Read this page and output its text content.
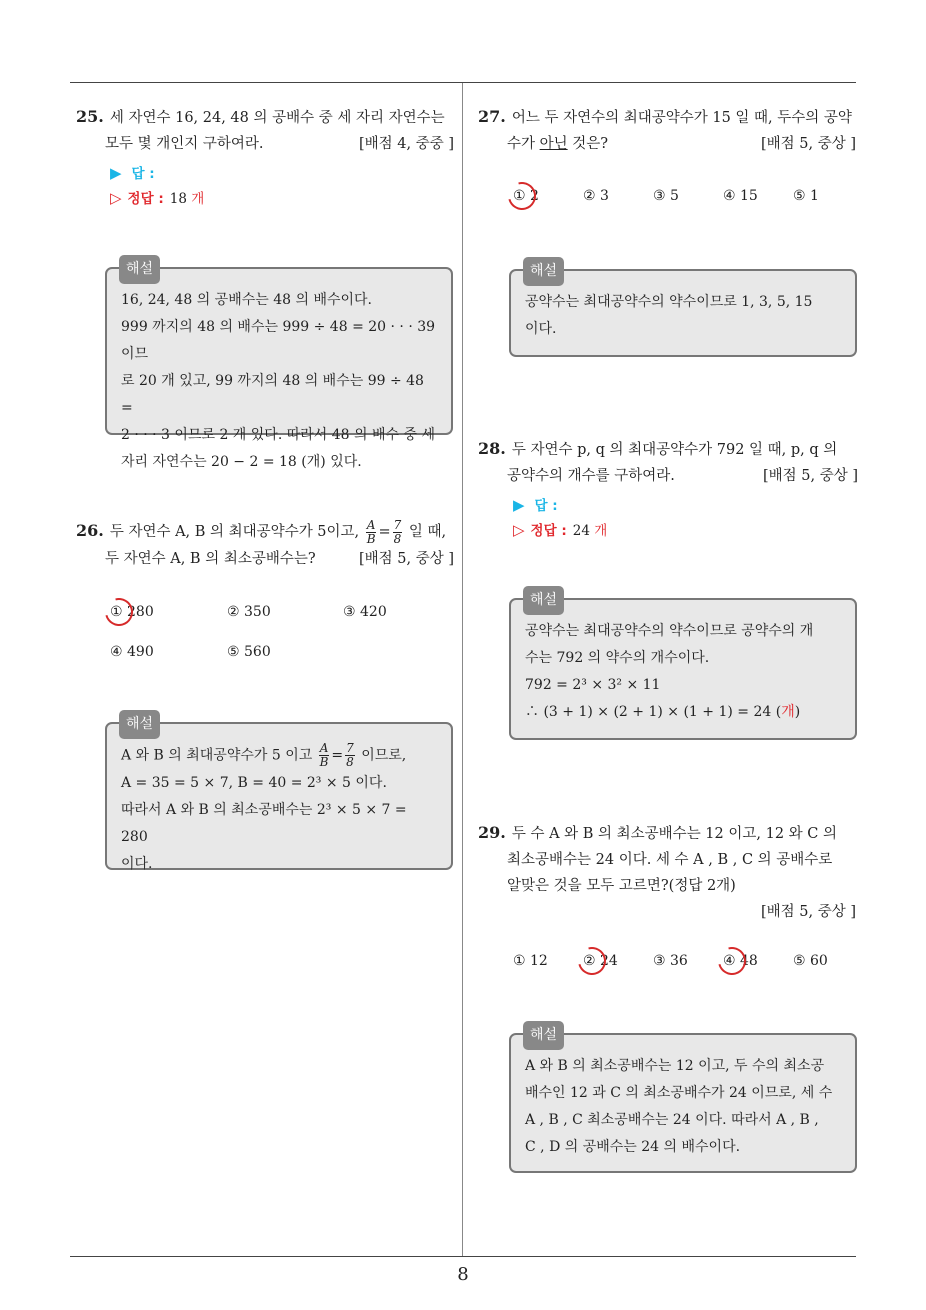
25. 세 자연수 16, 24, 48 의 공배수 중 세 자리 자연수는
모두 몇 개인지 구하여라.	[배점 4, 중중 ]
▶ 답 :
▷ 정답 : 18 개
해설
16, 24, 48 의 공배수는 48 의 배수이다.
999 까지의 48 의 배수는 999 ÷ 48 = 20 · · · 39 이므
로 20 개 있고, 99 까지의 48 의 배수는 99 ÷ 48 =
2 · · · 3 이므로 2 개 있다. 따라서 48 의 배수 중 세
자리 자연수는 20 − 2 = 18 (개) 있다.
26. 두 자연수 A, B 의 최대공약수가 5이고, $\frac{A}{B} = \frac{7}{8}$ 일 때,
두 자연수 A, B 의 최소공배수는?	[배점 5, 중상 ]
① 280	② 350	③ 420
④ 490	⑤ 560
해설
A 와 B 의 최대공약수가 5 이고 $\frac{A}{B} = \frac{7}{8}$ 이므로,
A = 35 = 5 × 7, B = 40 = 2³ × 5 이다.
따라서 A 와 B 의 최소공배수는 2³ × 5 × 7 = 280
이다.
27. 어느 두 자연수의 최대공약수가 15 일 때, 두수의 공약
수가 아닌 것은?	[배점 5, 중상 ]
① 2	② 3	③ 5	④ 15	⑤ 1
해설
공약수는 최대공약수의 약수이므로 1, 3, 5, 15
이다.
28. 두 자연수 p, q 의 최대공약수가 792 일 때, p, q 의
공약수의 개수를 구하여라.	[배점 5, 중상 ]
▶ 답 :
▷ 정답 : 24 개
해설
공약수는 최대공약수의 약수이므로 공약수의 개
수는 792 의 약수의 개수이다.
792 = 2³ × 3² × 11
∴ (3 + 1) × (2 + 1) × (1 + 1) = 24 (개)
29. 두 수 A 와 B 의 최소공배수는 12 이고, 12 와 C 의
최소공배수는 24 이다. 세 수 A , B , C 의 공배수로
알맞은 것을 모두 고르면?(정답 2개)
[배점 5, 중상 ]
① 12	② 24	③ 36	④ 48	⑤ 60
해설
A 와 B 의 최소공배수는 12 이고, 두 수의 최소공
배수인 12 과 C 의 최소공배수가 24 이므로, 세 수
A , B , C 최소공배수는 24 이다. 따라서 A , B ,
C , D 의 공배수는 24 의 배수이다.
8
